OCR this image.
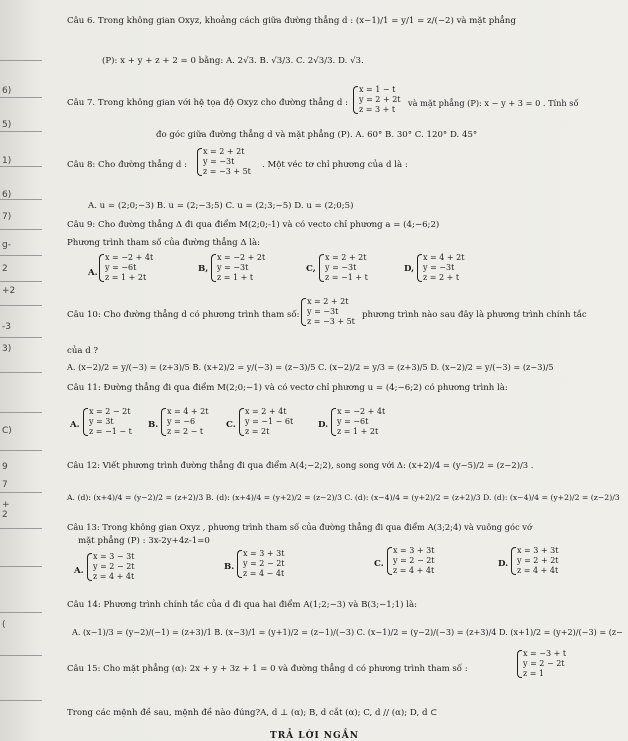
6)
5)
1)
6)
7)
g-
2
+2
-3
3)
C)
9
7
+
2
(
Câu 6. Trong không gian Oxyz, khoảng cách giữa đường thẳng d : (x−1)/1 = y/1 = z/(−2) và mặt phẳng
(P): x + y + z + 2 = 0 bằng: A. 2√3. B. √3/3. C. 2√3/3. D. √3.
Câu 7. Trong không gian với hệ tọa độ Oxyz cho đường thẳng d :
x = 1 − t
y = 2 + 2t
z = 3 + t
và mặt phẳng (P): x − y + 3 = 0 . Tính số
đo góc giữa đường thẳng d và mặt phẳng (P). A. 60° B. 30° C. 120° D. 45°
Câu 8: Cho đường thẳng d :
x = 2 + 2t
y = −3t
z = −3 + 5t
. Một véc tơ chỉ phương của d là :
A. u = (2;0;−3) B. u = (2;−3;5) C. u = (2;3;−5) D. u = (2;0;5)
Câu 9: Cho đường thẳng Δ đi qua điểm M(2;0;-1) và có vecto chỉ phương a = (4;−6;2)
Phương trình tham số của đường thẳng Δ là:
A.
x = −2 + 4t
y = −6t
z = 1 + 2t
B,
x = −2 + 2t
y = −3t
z = 1 + t
C,
x = 2 + 2t
y = −3t
z = −1 + t
D,
x = 4 + 2t
y = −3t
z = 2 + t
Câu 10: Cho đường thẳng d có phương trình tham số:
x = 2 + 2t
y = −3t
z = −3 + 5t
phương trình nào sau đây là phương trình chính tắc
của d ?
A. (x−2)/2 = y/(−3) = (z+3)/5 B. (x+2)/2 = y/(−3) = (z−3)/5 C. (x−2)/2 = y/3 = (z+3)/5 D. (x−2)/2 = y/(−3) = (z−3)/5
Câu 11: Đường thẳng đi qua điểm M(2;0;−1) và có vectơ chỉ phương u = (4;−6;2) có phương trình là:
A.
x = 2 − 2t
y = 3t
z = −1 − t
B.
x = 4 + 2t
y = −6
z = 2 − t
C.
x = 2 + 4t
y = −1 − 6t
z = 2t
D.
x = −2 + 4t
y = −6t
z = 1 + 2t
Câu 12: Viết phương trình đường thẳng đi qua điểm A(4;−2;2), song song với Δ: (x+2)/4 = (y−5)/2 = (z−2)/3 .
A. (d): (x+4)/4 = (y−2)/2 = (z+2)/3 B. (d): (x+4)/4 = (y+2)/2 = (z−2)/3 C. (d): (x−4)/4 = (y+2)/2 = (z+2)/3 D. (d): (x−4)/4 = (y+2)/2 = (z−2)/3
Câu 13: Trong không gian Oxyz , phương trình tham số của đường thẳng đi qua điểm A(3;2;4) và vuông góc vớ
mặt phẳng (P) : 3x-2y+4z-1=0
A.
x = 3 − 3t
y = 2 − 2t
z = 4 + 4t
B.
x = 3 + 3t
y = 2 − 2t
z = 4 − 4t
C.
x = 3 + 3t
y = 2 − 2t
z = 4 + 4t
D.
x = 3 + 3t
y = 2 + 2t
z = 4 + 4t
Câu 14: Phương trình chính tắc của d đi qua hai điểm A(1;2;−3) và B(3;−1;1) là:
A. (x−1)/3 = (y−2)/(−1) = (z+3)/1 B. (x−3)/1 = (y+1)/2 = (z−1)/(−3) C. (x−1)/2 = (y−2)/(−3) = (z+3)/4 D. (x+1)/2 = (y+2)/(−3) = (z−
Câu 15: Cho mặt phẳng (α): 2x + y + 3z + 1 = 0 và đường thẳng d có phương trình tham số :
x = −3 + t
y = 2 − 2t
z = 1
Trong các mệnh đề sau, mệnh đề nào đúng?A, d ⊥ (α); B, d cắt (α); C, d // (α); D, d ⊂
TRẢ LỜI NGẮN
